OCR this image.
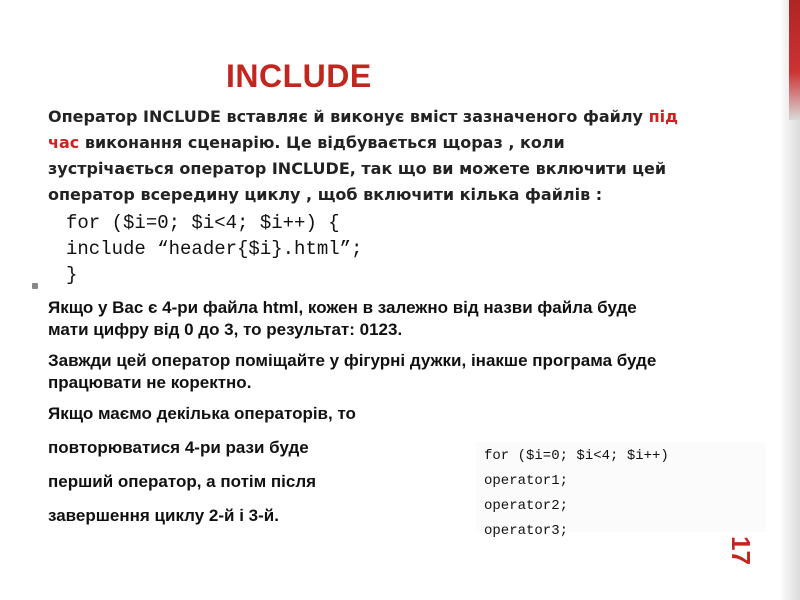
INCLUDE
Оператор INCLUDE вставляє й виконує вміст зазначеного файлу під час виконання сценарію. Це відбувається щораз , коли зустрічається оператор INCLUDE, так що ви можете включити цей оператор всередину циклу , щоб включити кілька файлів :
for ($i=0; $i<4; $i++) {
include “header{$i}.html”;
}
Якщо у Вас є 4-ри файла html, кожен в залежно від назви файла буде мати цифру від 0 до 3, то результат: 0123.
Завжди цей оператор поміщайте у фігурні дужки, інакше програма буде працювати не коректно.
Якщо маємо декілька операторів, то
повторюватися 4-ри рази буде
перший оператор, а потім після
завершення циклу 2-й і 3-й.
for ($i=0; $i<4; $i++)
operator1;
operator2;
operator3;
17
